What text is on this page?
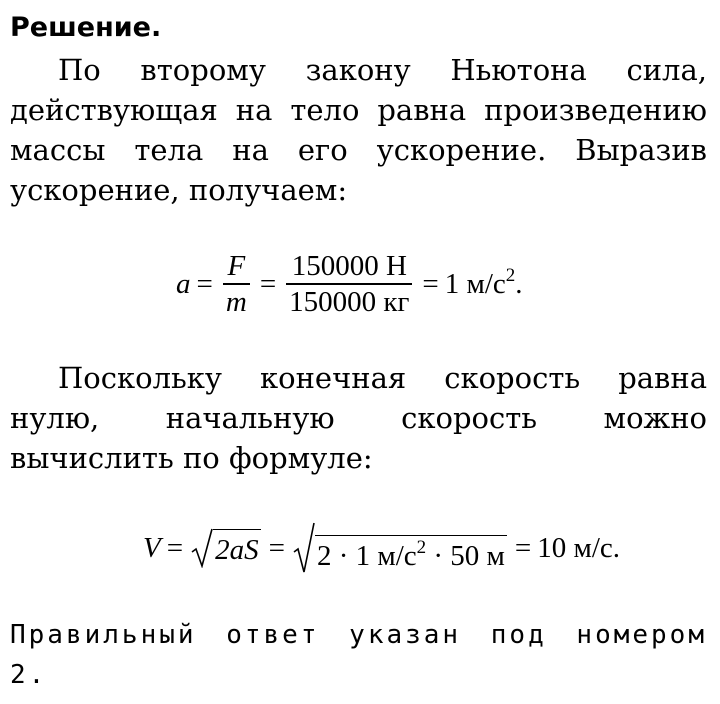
Решение.

По второму закону Ньютона сила, действующая на тело равна произведению массы тела на его ускорение. Выразив ускорение, получаем:

$a = \frac{F}{m} = \frac{150000 Н}{150000 кг} = 1$ $м/с^2$.

Поскольку конечная скорость равна нулю, начальную скорость можно вычислить по формуле:

V = 2aS = 2 · 1 $м/с^2 \cdot 50$ м = 10 м/с.

Правильный ответ указан под номером 2.
